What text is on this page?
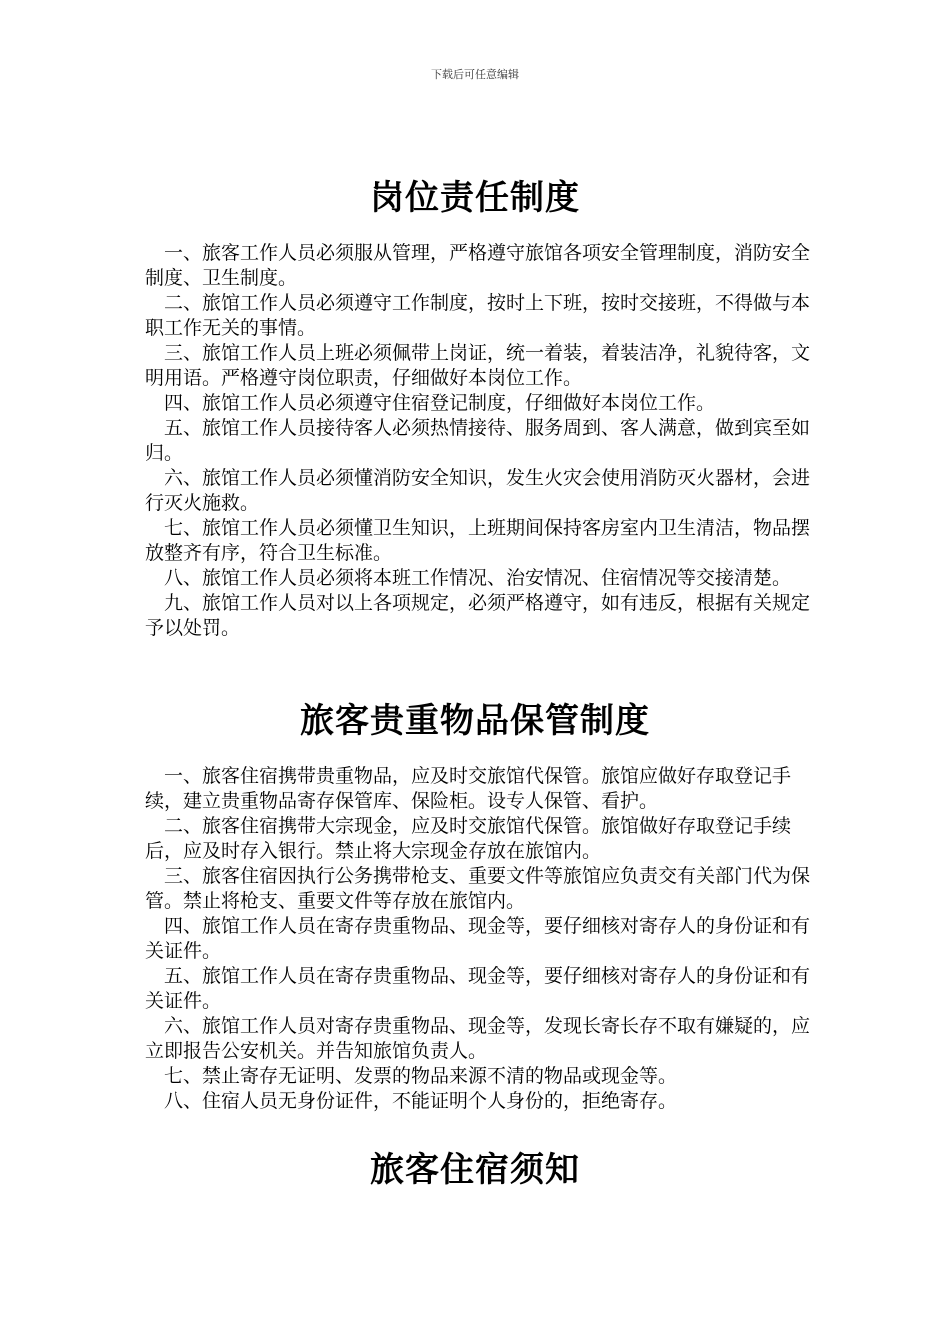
下载后可任意编辑
岗位责任制度
一、旅客工作人员必须服从管理，严格遵守旅馆各项安全管理制度，消防安全制度、卫生制度。
二、旅馆工作人员必须遵守工作制度，按时上下班，按时交接班，不得做与本职工作无关的事情。
三、旅馆工作人员上班必须佩带上岗证，统一着装，着装洁净，礼貌待客，文明用语。严格遵守岗位职责，仔细做好本岗位工作。
四、旅馆工作人员必须遵守住宿登记制度，仔细做好本岗位工作。
五、旅馆工作人员接待客人必须热情接待、服务周到、客人满意，做到宾至如归。
六、旅馆工作人员必须懂消防安全知识，发生火灾会使用消防灭火器材，会进行灭火施救。
七、旅馆工作人员必须懂卫生知识，上班期间保持客房室内卫生清洁，物品摆放整齐有序，符合卫生标准。
八、旅馆工作人员必须将本班工作情况、治安情况、住宿情况等交接清楚。
九、旅馆工作人员对以上各项规定，必须严格遵守，如有违反，根据有关规定予以处罚。
旅客贵重物品保管制度
一、旅客住宿携带贵重物品，应及时交旅馆代保管。旅馆应做好存取登记手续，建立贵重物品寄存保管库、保险柜。设专人保管、看护。
二、旅客住宿携带大宗现金，应及时交旅馆代保管。旅馆做好存取登记手续后，应及时存入银行。禁止将大宗现金存放在旅馆内。
三、旅客住宿因执行公务携带枪支、重要文件等旅馆应负责交有关部门代为保管。禁止将枪支、重要文件等存放在旅馆内。
四、旅馆工作人员在寄存贵重物品、现金等，要仔细核对寄存人的身份证和有关证件。
五、旅馆工作人员在寄存贵重物品、现金等，要仔细核对寄存人的身份证和有关证件。
六、旅馆工作人员对寄存贵重物品、现金等，发现长寄长存不取有嫌疑的，应立即报告公安机关。并告知旅馆负责人。
七、禁止寄存无证明、发票的物品来源不清的物品或现金等。
八、住宿人员无身份证件，不能证明个人身份的，拒绝寄存。
旅客住宿须知
